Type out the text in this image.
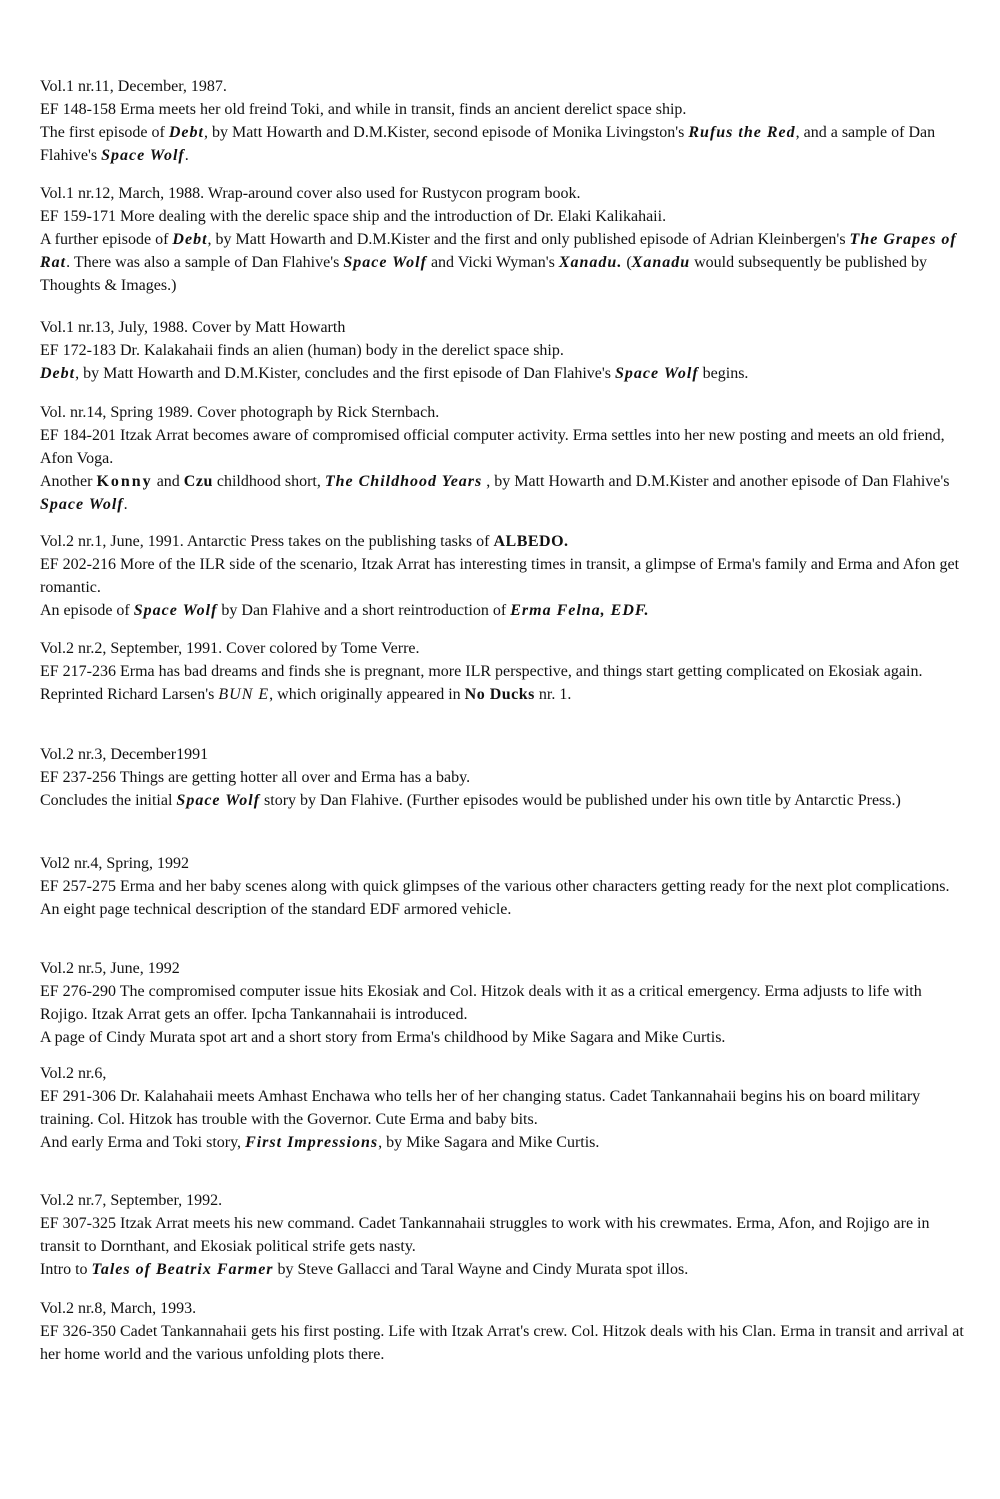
Vol.1 nr.11, December, 1987.

EF 148-158 Erma meets her old freind Toki, and while in transit, finds an ancient derelict space ship.

The first episode of Debt, by Matt Howarth and D.M.Kister, second episode of Monika Livingston's Rufus the Red, and a sample of Dan Flahive's Space Wolf.

Vol.1 nr.12, March, 1988. Wrap-around cover also used for Rustycon program book.

EF 159-171 More dealing with the derelic space ship and the introduction of Dr. Elaki Kalikahaii.

A further episode of Debt, by Matt Howarth and D.M.Kister and the first and only published episode of Adrian Kleinbergen's The Grapes of Rat. There was also a sample of Dan Flahive's Space Wolf and Vicki Wyman's Xanadu. (Xanadu would subsequently be published by Thoughts & Images.)

Vol.1 nr.13, July, 1988. Cover by Matt Howarth

EF 172-183 Dr. Kalakahaii finds an alien (human) body in the derelict space ship.

Debt, by Matt Howarth and D.M.Kister, concludes and the first episode of Dan Flahive's Space Wolf begins.

Vol. nr.14, Spring 1989. Cover photograph by Rick Sternbach.

EF 184-201 Itzak Arrat becomes aware of compromised official computer activity. Erma settles into her new posting and meets an old friend, Afon Voga.

Another Konny and Czu childhood short, The Childhood Years , by Matt Howarth and D.M.Kister and another episode of Dan Flahive's Space Wolf.

Vol.2 nr.1, June, 1991. Antarctic Press takes on the publishing tasks of ALBEDO.

EF 202-216 More of the ILR side of the scenario, Itzak Arrat has interesting times in transit, a glimpse of Erma's family and Erma and Afon get romantic.

An episode of Space Wolf by Dan Flahive and a short reintroduction of Erma Felna, EDF.

Vol.2 nr.2, September, 1991. Cover colored by Tome Verre.

EF 217-236 Erma has bad dreams and finds she is pregnant, more ILR perspective, and things start getting complicated on Ekosiak again.

Reprinted Richard Larsen's BUN E, which originally appeared in No Ducks nr. 1.

Vol.2 nr.3, December1991

EF 237-256 Things are getting hotter all over and Erma has a baby.

Concludes the initial Space Wolf story by Dan Flahive. (Further episodes would be published under his own title by Antarctic Press.)

Vol2 nr.4, Spring, 1992

EF 257-275 Erma and her baby scenes along with quick glimpses of the various other characters getting ready for the next plot complications.

An eight page technical description of the standard EDF armored vehicle.

Vol.2 nr.5, June, 1992

EF 276-290 The compromised computer issue hits Ekosiak and Col. Hitzok deals with it as a critical emergency. Erma adjusts to life with Rojigo. Itzak Arrat gets an offer. Ipcha Tankannahaii is introduced.

A page of Cindy Murata spot art and a short story from Erma's childhood by Mike Sagara and Mike Curtis.

Vol.2 nr.6,

EF 291-306 Dr. Kalahahaii meets Amhast Enchawa who tells her of her changing status. Cadet Tankannahaii begins his on board military training. Col. Hitzok has trouble with the Governor. Cute Erma and baby bits.

And early Erma and Toki story, First Impressions, by Mike Sagara and Mike Curtis.

Vol.2 nr.7, September, 1992.

EF 307-325 Itzak Arrat meets his new command. Cadet Tankannahaii struggles to work with his crewmates. Erma, Afon, and Rojigo are in transit to Dornthant, and Ekosiak political strife gets nasty.

Intro to Tales of Beatrix Farmer by Steve Gallacci and Taral Wayne and Cindy Murata spot illos.

Vol.2 nr.8, March, 1993.

EF 326-350 Cadet Tankannahaii gets his first posting. Life with Itzak Arrat's crew. Col. Hitzok deals with his Clan. Erma in transit and arrival at her home world and the various unfolding plots there.
